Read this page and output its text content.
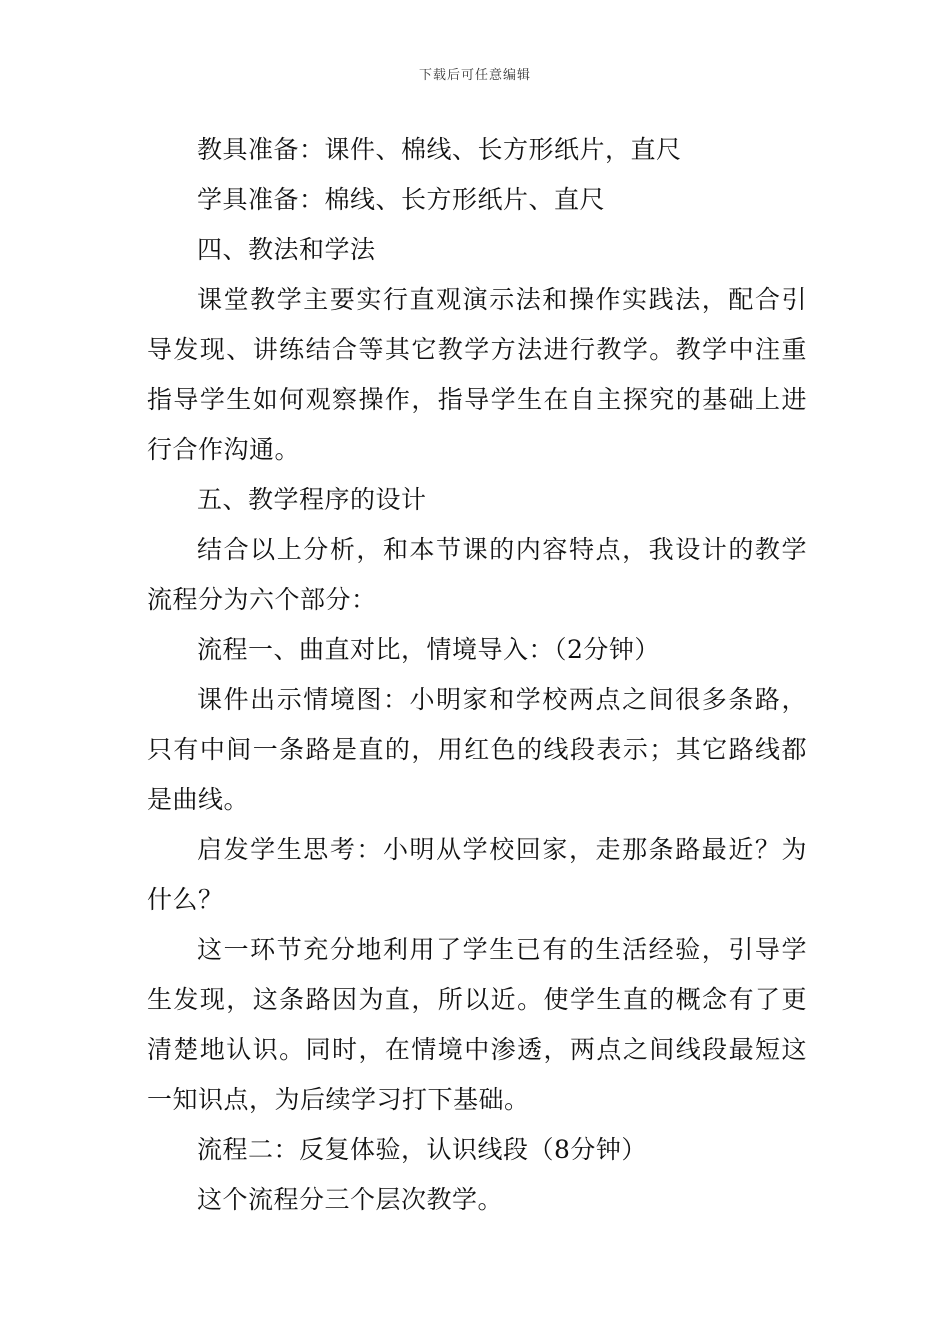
下载后可任意编辑

教具准备：课件、棉线、长方形纸片，直尺

学具准备：棉线、长方形纸片、直尺

四、教法和学法

课堂教学主要实行直观演示法和操作实践法，配合引导发现、讲练结合等其它教学方法进行教学。教学中注重指导学生如何观察操作，指导学生在自主探究的基础上进行合作沟通。

五、教学程序的设计

结合以上分析，和本节课的内容特点，我设计的教学流程分为六个部分：

流程一、曲直对比，情境导入：（2分钟）

课件出示情境图：小明家和学校两点之间很多条路，只有中间一条路是直的，用红色的线段表示；其它路线都是曲线。

启发学生思考：小明从学校回家，走那条路最近？为什么？

这一环节充分地利用了学生已有的生活经验，引导学生发现，这条路因为直，所以近。使学生直的概念有了更清楚地认识。同时，在情境中渗透，两点之间线段最短这一知识点，为后续学习打下基础。

流程二：反复体验，认识线段（8分钟）

这个流程分三个层次教学。
